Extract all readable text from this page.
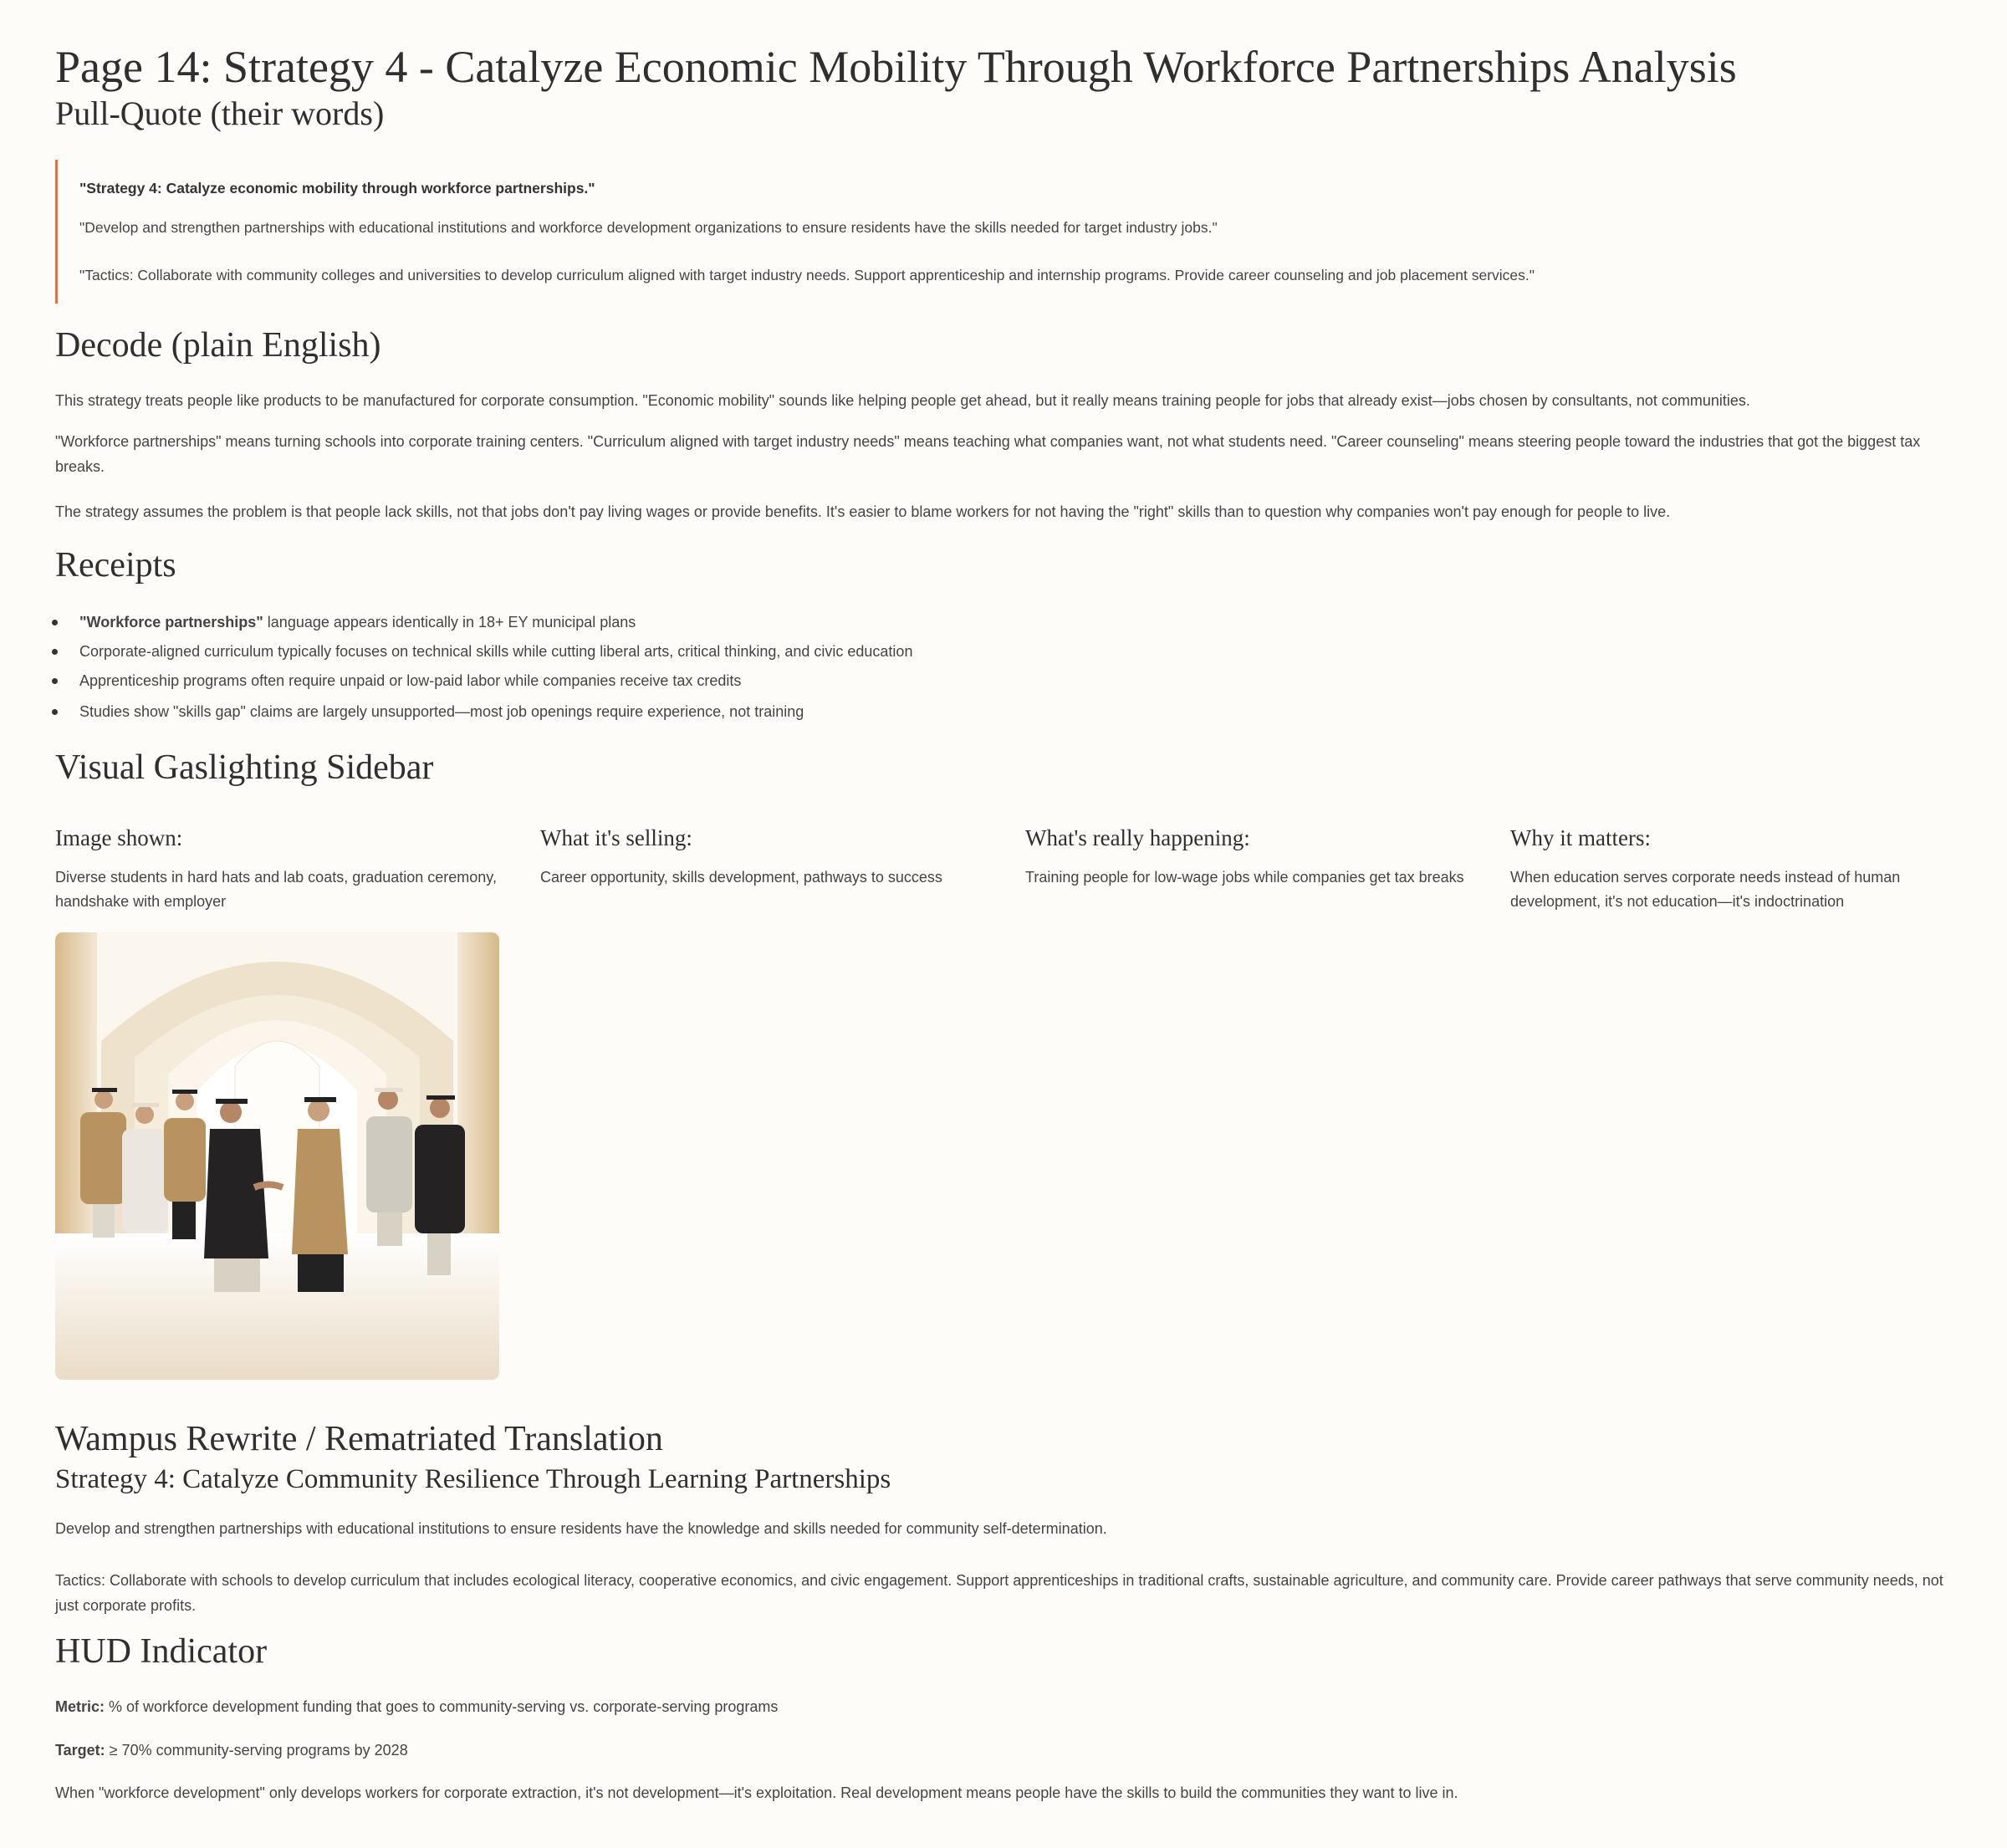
Page 14: Strategy 4 - Catalyze Economic Mobility Through Workforce Partnerships Analysis
Pull-Quote (their words)
"Strategy 4: Catalyze economic mobility through workforce partnerships."
"Develop and strengthen partnerships with educational institutions and workforce development organizations to ensure residents have the skills needed for target industry jobs."
"Tactics: Collaborate with community colleges and universities to develop curriculum aligned with target industry needs. Support apprenticeship and internship programs. Provide career counseling and job placement services."
Decode (plain English)

This strategy treats people like products to be manufactured for corporate consumption. "Economic mobility" sounds like helping people get ahead, but it really means training people for jobs that already exist—jobs chosen by consultants, not communities.

"Workforce partnerships" means turning schools into corporate training centers. "Curriculum aligned with target industry needs" means teaching what companies want, not what students need. "Career counseling" means steering people toward the industries that got the biggest tax breaks.

The strategy assumes the problem is that people lack skills, not that jobs don't pay living wages or provide benefits. It's easier to blame workers for not having the "right" skills than to question why companies won't pay enough for people to live.

Receipts
"Workforce partnerships" language appears identically in 18+ EY municipal plans
Corporate-aligned curriculum typically focuses on technical skills while cutting liberal arts, critical thinking, and civic education
Apprenticeship programs often require unpaid or low-paid labor while companies receive tax credits
Studies show "skills gap" claims are largely unsupported—most job openings require experience, not training
Visual Gaslighting Sidebar
Image shown:
Diverse students in hard hats and lab coats, graduation ceremony, handshake with employer
What it's selling:
Career opportunity, skills development, pathways to success
What's really happening:
Training people for low-wage jobs while companies get tax breaks
Why it matters:
When education serves corporate needs instead of human development, it's not education—it's indoctrination
Wampus Rewrite / Rematriated Translation
Strategy 4: Catalyze Community Resilience Through Learning Partnerships

Develop and strengthen partnerships with educational institutions to ensure residents have the knowledge and skills needed for community self-determination.

Tactics: Collaborate with schools to develop curriculum that includes ecological literacy, cooperative economics, and civic engagement. Support apprenticeships in traditional crafts, sustainable agriculture, and community care. Provide career pathways that serve community needs, not just corporate profits.

HUD Indicator

Metric: % of workforce development funding that goes to community-serving vs. corporate-serving programs

Target: ≥ 70% community-serving programs by 2028

When "workforce development" only develops workers for corporate extraction, it's not development—it's exploitation. Real development means people have the skills to build the communities they want to live in.
